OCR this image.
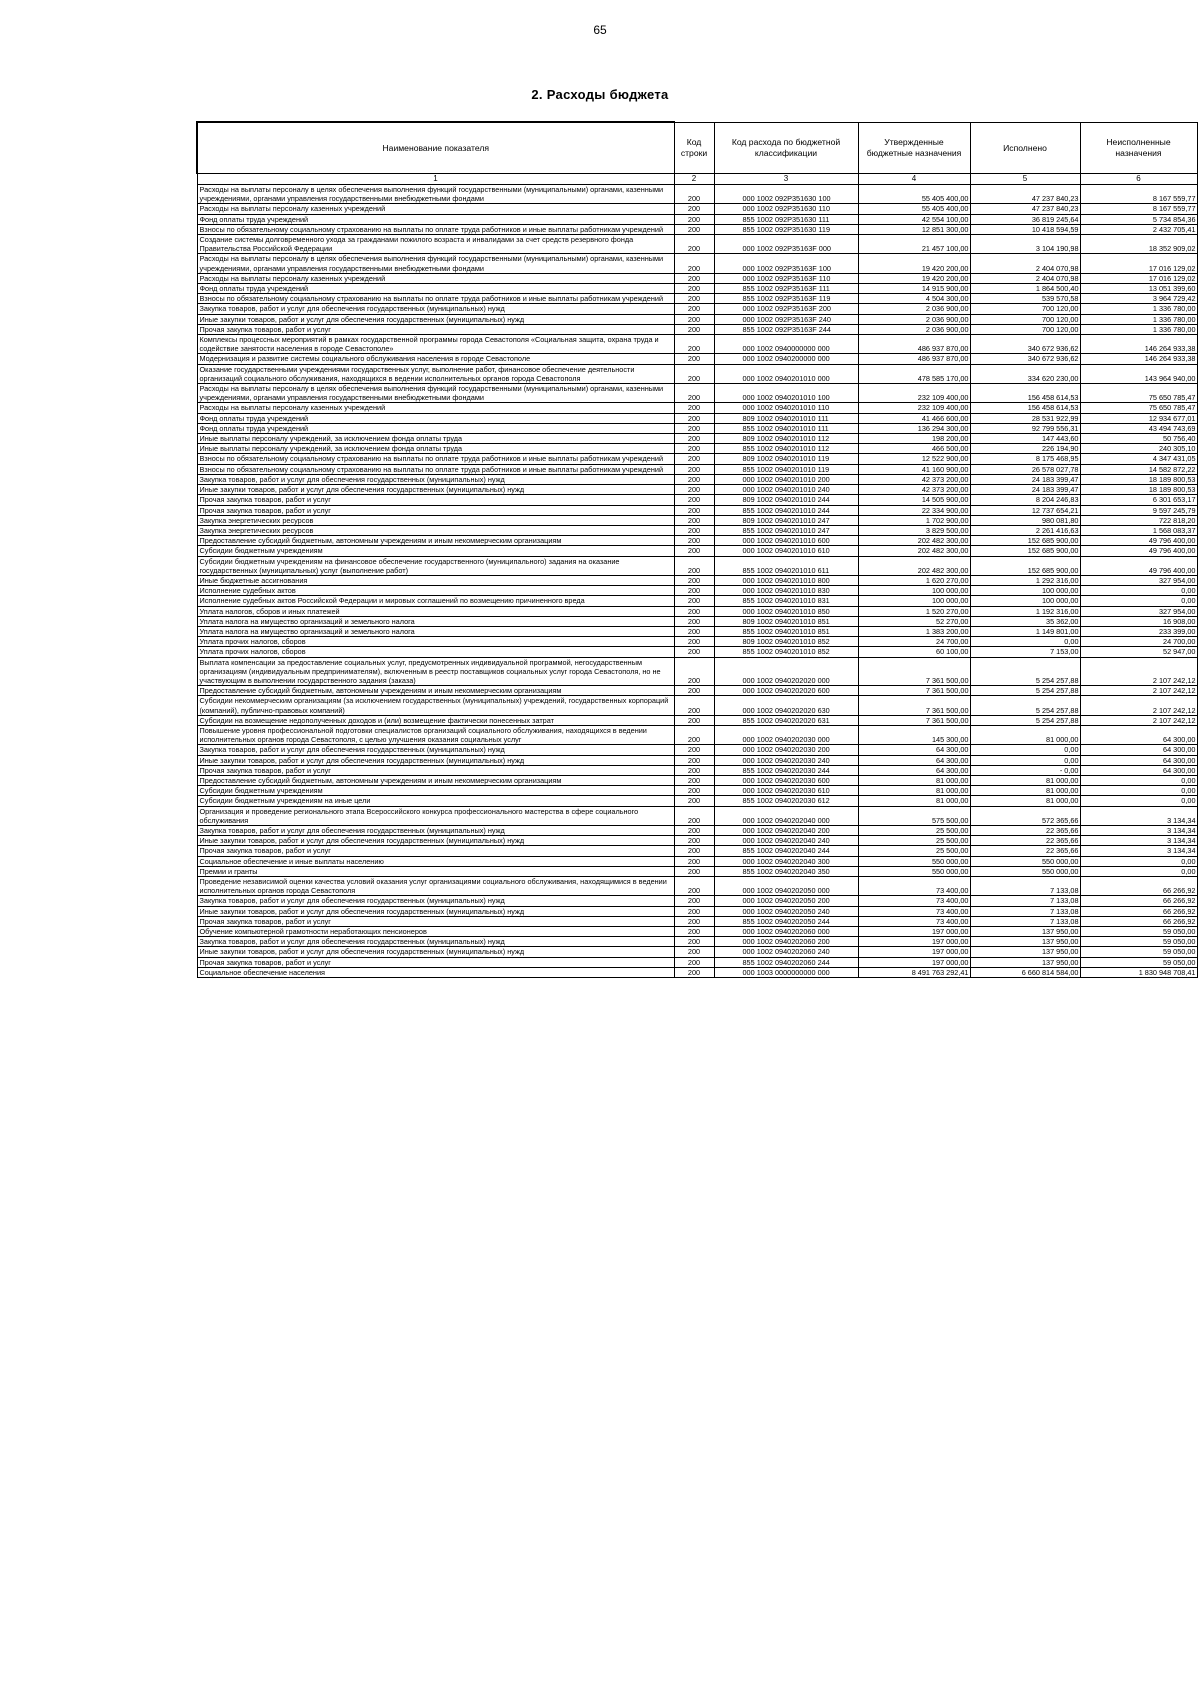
65
2. Расходы бюджета
Наименование показателя	Код строки	Код расхода по бюджетной классификации	Утвержденные бюджетные назначения	Исполнено	Неисполненные назначения
1	2	3	4	5	6
Расходы на выплаты персоналу в целях обеспечения выполнения функций государственными (муниципальными) органами, казенными учреждениями, органами управления государственными внебюджетными фондами	200	000 1002 092P351630 100	55 405 400,00	47 237 840,23	8 167 559,77
Расходы на выплаты персоналу казенных учреждений	200	000 1002 092P351630 110	55 405 400,00	47 237 840,23	8 167 559,77
Фонд оплаты труда учреждений	200	855 1002 092P351630 111	42 554 100,00	36 819 245,64	5 734 854,36
Взносы по обязательному социальному страхованию на выплаты по оплате труда работников и иные выплаты работникам учреждений	200	855 1002 092P351630 119	12 851 300,00	10 418 594,59	2 432 705,41
Создание системы долговременного ухода за гражданами пожилого возраста и инвалидами за счет средств резервного фонда Правительства Российской Федерации	200	000 1002 092P35163F 000	21 457 100,00	3 104 190,98	18 352 909,02
Расходы на выплаты персоналу в целях обеспечения выполнения функций государственными (муниципальными) органами, казенными учреждениями, органами управления государственными внебюджетными фондами	200	000 1002 092P35163F 100	19 420 200,00	2 404 070,98	17 016 129,02
Расходы на выплаты персоналу казенных учреждений	200	000 1002 092P35163F 110	19 420 200,00	2 404 070,98	17 016 129,02
Фонд оплаты труда учреждений	200	855 1002 092P35163F 111	14 915 900,00	1 864 500,40	13 051 399,60
Взносы по обязательному социальному страхованию на выплаты по оплате труда работников и иные выплаты работникам учреждений	200	855 1002 092P35163F 119	4 504 300,00	539 570,58	3 964 729,42
Закупка товаров, работ и услуг для обеспечения государственных (муниципальных) нужд	200	000 1002 092P35163F 200	2 036 900,00	700 120,00	1 336 780,00
Иные закупки товаров, работ и услуг для обеспечения государственных (муниципальных) нужд	200	000 1002 092P35163F 240	2 036 900,00	700 120,00	1 336 780,00
Прочая закупка товаров, работ и услуг	200	855 1002 092P35163F 244	2 036 900,00	700 120,00	1 336 780,00
Комплексы процессных мероприятий в рамках государственной программы города Севастополя «Социальная защита, охрана труда и содействие занятости населения в городе Севастополе»	200	000 1002 0940000000 000	486 937 870,00	340 672 936,62	146 264 933,38
Модернизация и развитие системы социального обслуживания населения в городе Севастополе	200	000 1002 0940200000 000	486 937 870,00	340 672 936,62	146 264 933,38
Оказание государственными учреждениями государственных услуг, выполнение работ, финансовое обеспечение деятельности организаций социального обслуживания, находящихся в ведении исполнительных органов города Севастополя	200	000 1002 0940201010 000	478 585 170,00	334 620 230,00	143 964 940,00
Расходы на выплаты персоналу в целях обеспечения выполнения функций государственными (муниципальными) органами, казенными учреждениями, органами управления государственными внебюджетными фондами	200	000 1002 0940201010 100	232 109 400,00	156 458 614,53	75 650 785,47
Расходы на выплаты персоналу казенных учреждений	200	000 1002 0940201010 110	232 109 400,00	156 458 614,53	75 650 785,47
Фонд оплаты труда учреждений	200	809 1002 0940201010 111	41 466 600,00	28 531 922,99	12 934 677,01
Фонд оплаты труда учреждений	200	855 1002 0940201010 111	136 294 300,00	92 799 556,31	43 494 743,69
Иные выплаты персоналу учреждений, за исключением фонда оплаты труда	200	809 1002 0940201010 112	198 200,00	147 443,60	50 756,40
Иные выплаты персоналу учреждений, за исключением фонда оплаты труда	200	855 1002 0940201010 112	466 500,00	226 194,90	240 305,10
Взносы по обязательному социальному страхованию на выплаты по оплате труда работников и иные выплаты работникам учреждений	200	809 1002 0940201010 119	12 522 900,00	8 175 468,95	4 347 431,05
Взносы по обязательному социальному страхованию на выплаты по оплате труда работников и иные выплаты работникам учреждений	200	855 1002 0940201010 119	41 160 900,00	26 578 027,78	14 582 872,22
Закупка товаров, работ и услуг для обеспечения государственных (муниципальных) нужд	200	000 1002 0940201010 200	42 373 200,00	24 183 399,47	18 189 800,53
Иные закупки товаров, работ и услуг для обеспечения государственных (муниципальных) нужд	200	000 1002 0940201010 240	42 373 200,00	24 183 399,47	18 189 800,53
Прочая закупка товаров, работ и услуг	200	809 1002 0940201010 244	14 505 900,00	8 204 246,83	6 301 653,17
Прочая закупка товаров, работ и услуг	200	855 1002 0940201010 244	22 334 900,00	12 737 654,21	9 597 245,79
Закупка энергетических ресурсов	200	809 1002 0940201010 247	1 702 900,00	980 081,80	722 818,20
Закупка энергетических ресурсов	200	855 1002 0940201010 247	3 829 500,00	2 261 416,63	1 568 083,37
Предоставление субсидий бюджетным, автономным учреждениям и иным некоммерческим организациям	200	000 1002 0940201010 600	202 482 300,00	152 685 900,00	49 796 400,00
Субсидии бюджетным учреждениям	200	000 1002 0940201010 610	202 482 300,00	152 685 900,00	49 796 400,00
Субсидии бюджетным учреждениям на финансовое обеспечение государственного (муниципального) задания на оказание государственных (муниципальных) услуг (выполнение работ)	200	855 1002 0940201010 611	202 482 300,00	152 685 900,00	49 796 400,00
Иные бюджетные ассигнования	200	000 1002 0940201010 800	1 620 270,00	1 292 316,00	327 954,00
Исполнение судебных актов	200	000 1002 0940201010 830	100 000,00	100 000,00	0,00
Исполнение судебных актов Российской Федерации и мировых соглашений по возмещению причиненного вреда	200	855 1002 0940201010 831	100 000,00	100 000,00	0,00
Уплата налогов, сборов и иных платежей	200	000 1002 0940201010 850	1 520 270,00	1 192 316,00	327 954,00
Уплата налога на имущество организаций и земельного налога	200	809 1002 0940201010 851	52 270,00	35 362,00	16 908,00
Уплата налога на имущество организаций и земельного налога	200	855 1002 0940201010 851	1 383 200,00	1 149 801,00	233 399,00
Уплата прочих налогов, сборов	200	809 1002 0940201010 852	24 700,00	0,00	24 700,00
Уплата прочих налогов, сборов	200	855 1002 0940201010 852	60 100,00	7 153,00	52 947,00
Выплата компенсации за предоставление социальных услуг, предусмотренных индивидуальной программой, негосударственным организациям (индивидуальным предпринимателям), включенным в реестр поставщиков социальных услуг города Севастополя, но не участвующим в выполнении государственного задания (заказа)	200	000 1002 0940202020 000	7 361 500,00	5 254 257,88	2 107 242,12
Предоставление субсидий бюджетным, автономным учреждениям и иным некоммерческим организациям	200	000 1002 0940202020 600	7 361 500,00	5 254 257,88	2 107 242,12
Субсидии некоммерческим организациям (за исключением государственных (муниципальных) учреждений, государственных корпораций (компаний), публично-правовых компаний)	200	000 1002 0940202020 630	7 361 500,00	5 254 257,88	2 107 242,12
Субсидии на возмещение недополученных доходов и (или) возмещение фактически понесенных затрат	200	855 1002 0940202020 631	7 361 500,00	5 254 257,88	2 107 242,12
Повышение уровня профессиональной подготовки специалистов организаций социального обслуживания, находящихся в ведении исполнительных органов города Севастополя, с целью улучшения оказания социальных услуг	200	000 1002 0940202030 000	145 300,00	81 000,00	64 300,00
Закупка товаров, работ и услуг для обеспечения государственных (муниципальных) нужд	200	000 1002 0940202030 200	64 300,00	0,00	64 300,00
Иные закупки товаров, работ и услуг для обеспечения государственных (муниципальных) нужд	200	000 1002 0940202030 240	64 300,00	0,00	64 300,00
Прочая закупка товаров, работ и услуг	200	855 1002 0940202030 244	64 300,00	- 0,00	64 300,00
Предоставление субсидий бюджетным, автономным учреждениям и иным некоммерческим организациям	200	000 1002 0940202030 600	81 000,00	81 000,00	0,00
Субсидии бюджетным учреждениям	200	000 1002 0940202030 610	81 000,00	81 000,00	0,00
Субсидии бюджетным учреждениям на иные цели	200	855 1002 0940202030 612	81 000,00	81 000,00	0,00
Организация и проведение регионального этапа Всероссийского конкурса профессионального мастерства в сфере социального обслуживания	200	000 1002 0940202040 000	575 500,00	572 365,66	3 134,34
Закупка товаров, работ и услуг для обеспечения государственных (муниципальных) нужд	200	000 1002 0940202040 200	25 500,00	22 365,66	3 134,34
Иные закупки товаров, работ и услуг для обеспечения государственных (муниципальных) нужд	200	000 1002 0940202040 240	25 500,00	22 365,66	3 134,34
Прочая закупка товаров, работ и услуг	200	855 1002 0940202040 244	25 500,00	22 365,66	3 134,34
Социальное обеспечение и иные выплаты населению	200	000 1002 0940202040 300	550 000,00	550 000,00	0,00
Премии и гранты	200	855 1002 0940202040 350	550 000,00	550 000,00	0,00
Проведение независимой оценки качества условий оказания услуг организациями социального обслуживания, находящимися в ведении исполнительных органов города Севастополя	200	000 1002 0940202050 000	73 400,00	7 133,08	66 266,92
Закупка товаров, работ и услуг для обеспечения государственных (муниципальных) нужд	200	000 1002 0940202050 200	73 400,00	7 133,08	66 266,92
Иные закупки товаров, работ и услуг для обеспечения государственных (муниципальных) нужд	200	000 1002 0940202050 240	73 400,00	7 133,08	66 266,92
Прочая закупка товаров, работ и услуг	200	855 1002 0940202050 244	73 400,00	7 133,08	66 266,92
Обучение компьютерной грамотности неработающих пенсионеров	200	000 1002 0940202060 000	197 000,00	137 950,00	59 050,00
Закупка товаров, работ и услуг для обеспечения государственных (муниципальных) нужд	200	000 1002 0940202060 200	197 000,00	137 950,00	59 050,00
Иные закупки товаров, работ и услуг для обеспечения государственных (муниципальных) нужд	200	000 1002 0940202060 240	197 000,00	137 950,00	59 050,00
Прочая закупка товаров, работ и услуг	200	855 1002 0940202060 244	197 000,00	137 950,00	59 050,00
Социальное обеспечение населения	200	000 1003 0000000000 000	8 491 763 292,41	6 660 814 584,00	1 830 948 708,41
